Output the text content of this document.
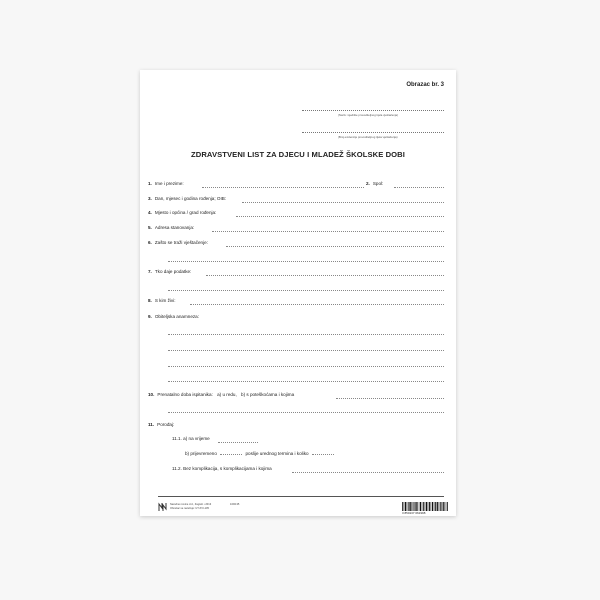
Obrazac br. 3
(Naziv i sjedište provoditeljnog tijela vještačenja)
(Broj evidencije provoditeljnog tijela vještačenja)
ZDRAVSTVENI LIST ZA DJECU I MLADEŽ ŠKOLSKE DOBI
1. Ime i prezime:	2. Spol:
3. Dan, mjesec i godina rođenja; OIB:
4. Mjesto i općina / grad rođenja:
5. Adresa stanovanja:
6. Zašto se traži vještačenje:
7. Tko daje podatke:
8. S kim živi:
9. Obiteljska anamneza:
10. Prenatalno doba ispitanika: a) u redu, b) s poteškoćama i kojima
11. Porođaj:
11.1. a) na vrijeme
b) prijevremeno	poslije urednog termina i koliko
11.2. Bez komplikacija, s komplikacijama i kojima
Narodne novine d.d., Zagreb • 2013
Obrazac se naručuje: UT-XVI-105
16/0135
3 850137 061998
